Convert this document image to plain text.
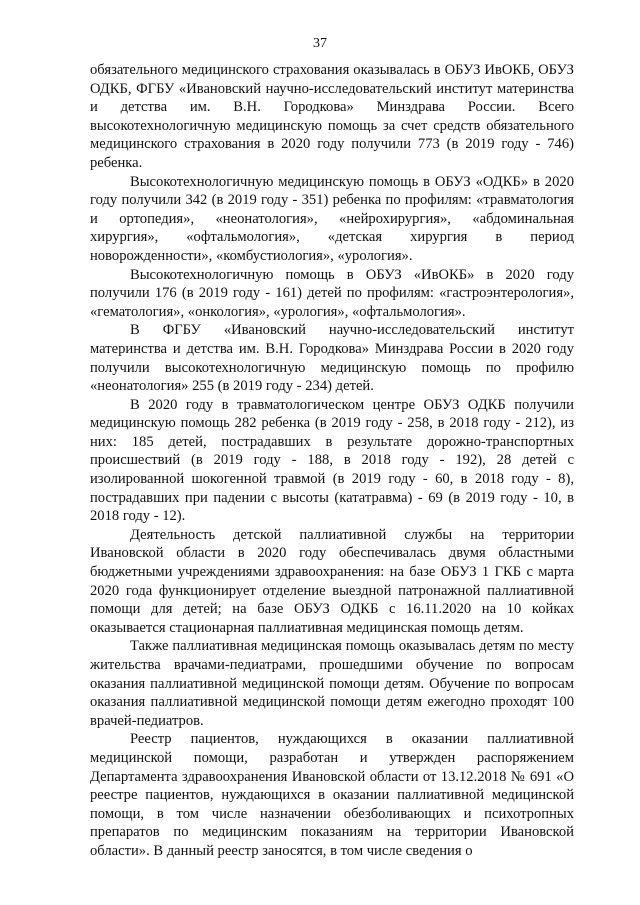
37

обязательного медицинского страхования оказывалась в ОБУЗ ИвОКБ, ОБУЗ ОДКБ, ФГБУ «Ивановский научно-исследовательский институт материнства и детства им. В.Н. Городкова» Минздрава России. Всего высокотехнологичную медицинскую помощь за счет средств обязательного медицинского страхования в 2020 году получили 773 (в 2019 году - 746) ребенка.

Высокотехнологичную медицинскую помощь в ОБУЗ «ОДКБ» в 2020 году получили 342 (в 2019 году - 351) ребенка по профилям: «травматология и ортопедия», «неонатология», «нейрохирургия», «абдоминальная хирургия», «офтальмология», «детская хирургия в период новорожденности», «комбустиология», «урология».

Высокотехнологичную помощь в ОБУЗ «ИвОКБ» в 2020 году получили 176 (в 2019 году - 161) детей по профилям: «гастроэнтерология», «гематология», «онкология», «урология», «офтальмология».

В ФГБУ «Ивановский научно-исследовательский институт материнства и детства им. В.Н. Городкова» Минздрава России в 2020 году получили высокотехнологичную медицинскую помощь по профилю «неонатология» 255 (в 2019 году - 234) детей.

В 2020 году в травматологическом центре ОБУЗ ОДКБ получили медицинскую помощь 282 ребенка (в 2019 году - 258, в 2018 году - 212), из них: 185 детей, пострадавших в результате дорожно-транспортных происшествий (в 2019 году - 188, в 2018 году - 192), 28 детей с изолированной шокогенной травмой (в 2019 году - 60, в 2018 году - 8), пострадавших при падении с высоты (кататравма) - 69 (в 2019 году - 10, в 2018 году - 12).

Деятельность детской паллиативной службы на территории Ивановской области в 2020 году обеспечивалась двумя областными бюджетными учреждениями здравоохранения: на базе ОБУЗ 1 ГКБ с марта 2020 года функционирует отделение выездной патронажной паллиативной помощи для детей; на базе ОБУЗ ОДКБ с 16.11.2020 на 10 койках оказывается стационарная паллиативная медицинская помощь детям.

Также паллиативная медицинская помощь оказывалась детям по месту жительства врачами-педиатрами, прошедшими обучение по вопросам оказания паллиативной медицинской помощи детям. Обучение по вопросам оказания паллиативной медицинской помощи детям ежегодно проходят 100 врачей-педиатров.

Реестр пациентов, нуждающихся в оказании паллиативной медицинской помощи, разработан и утвержден распоряжением Департамента здравоохранения Ивановской области от 13.12.2018 № 691 «О реестре пациентов, нуждающихся в оказании паллиативной медицинской помощи, в том числе назначении обезболивающих и психотропных препаратов по медицинским показаниям на территории Ивановской области». В данный реестр заносятся, в том числе сведения о
